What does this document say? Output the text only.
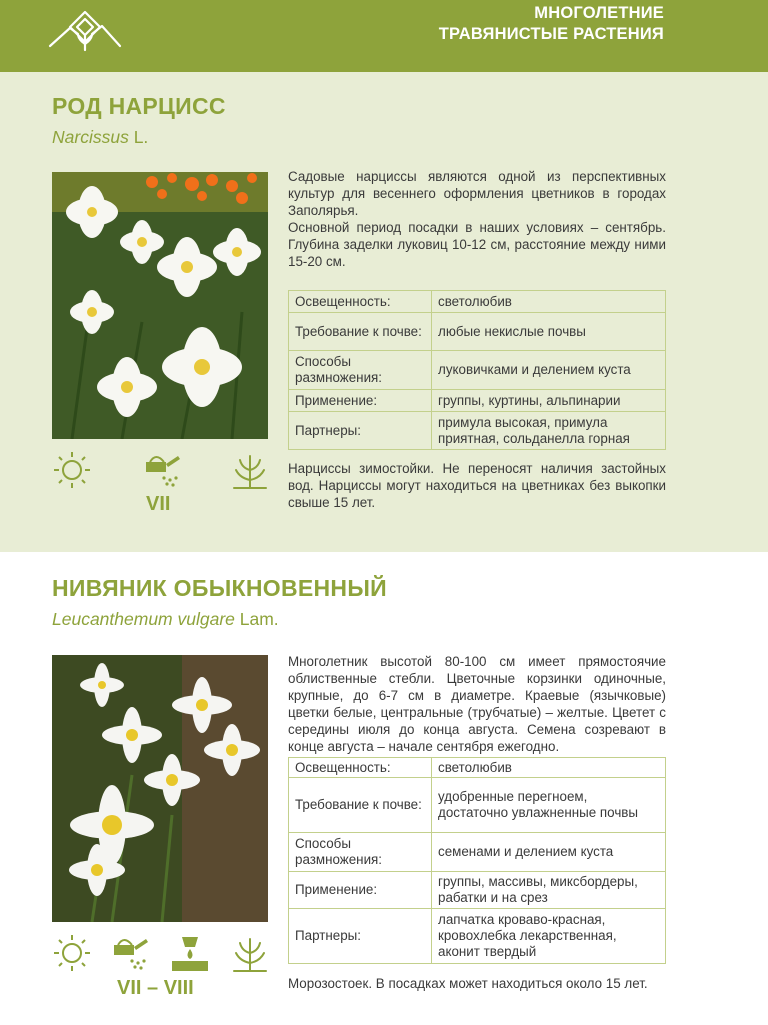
МНОГОЛЕТНИЕ
ТРАВЯНИСТЫЕ РАСТЕНИЯ
РОД НАРЦИСС
Narcissus L.
VII
Садовые нарциссы являются одной из перспективных культур для весеннего оформления цветников в городах Заполярья.
Основной период посадки в наших условиях – сентябрь. Глубина заделки луковиц 10-12 см, расстояние между ними 15-20 см.
Освещенность:	светолюбив
Требование к почве:	любые некислые почвы
Способы размножения:	луковичками и делением куста
Применение:	группы, куртины, альпинарии
Партнеры:	примула высокая, примула приятная, сольданелла горная
Нарциссы зимостойки. Не переносят наличия застойных вод. Нарциссы могут находиться на цветниках без выкопки свыше 15 лет.
НИВЯНИК ОБЫКНОВЕННЫЙ
Leucanthemum vulgare Lam.
VII – VIII
Многолетник высотой 80-100 см имеет прямостоячие облиственные стебли. Цветочные корзинки одиночные, крупные, до 6-7 см в диаметре. Краевые (язычковые) цветки белые, центральные (трубчатые) – желтые. Цветет с середины июля до конца августа. Семена созревают в конце августа – начале сентября ежегодно.
Освещенность:	светолюбив
Требование к почве:	удобренные перегноем, достаточно увлажненные почвы
Способы размножения:	семенами и делением куста
Применение:	группы, массивы, миксбордеры, рабатки и на срез
Партнеры:	лапчатка кроваво-красная, кровохлебка лекарственная, аконит твердый
Морозостоек. В посадках может находиться около 15 лет.
